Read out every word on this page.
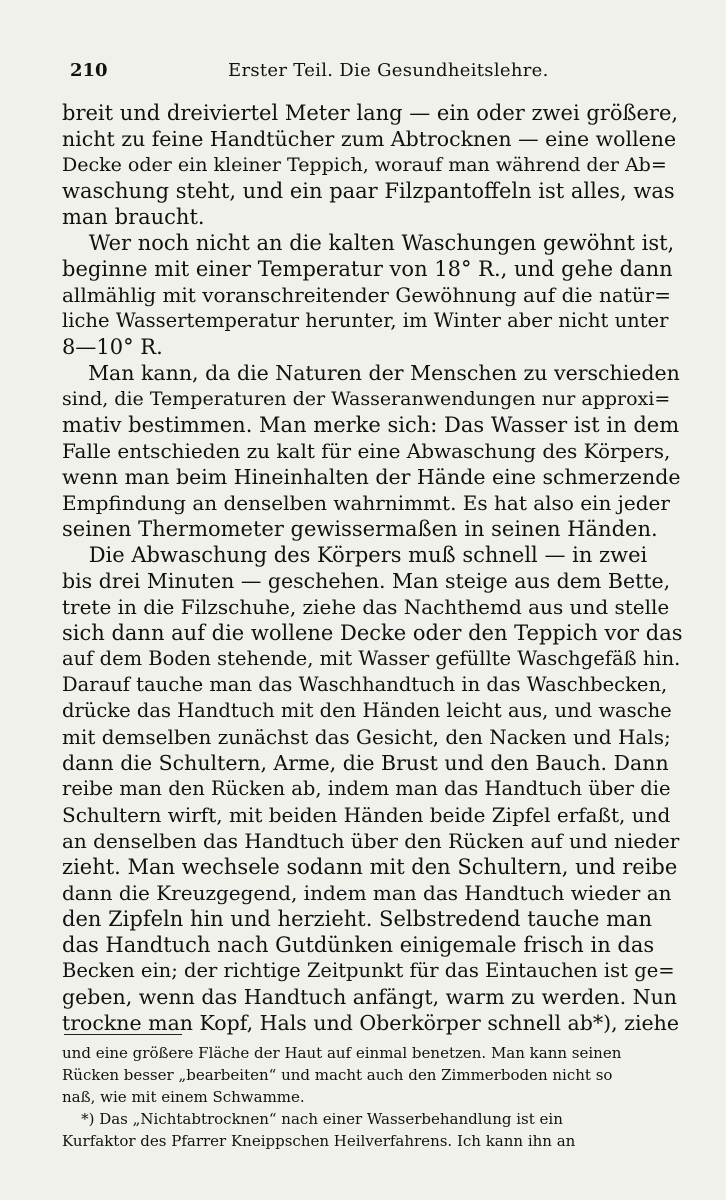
210	Erster Teil. Die Gesundheitslehre.
breit und dreiviertel Meter lang — ein oder zwei größere,
nicht zu feine Handtücher zum Abtrocknen — eine wollene
Decke oder ein kleiner Teppich, worauf man während der Ab=
waschung steht, und ein paar Filzpantoffeln ist alles, was
man braucht.
Wer noch nicht an die kalten Waschungen gewöhnt ist,
beginne mit einer Temperatur von 18° R., und gehe dann
allmählig mit voranschreitender Gewöhnung auf die natür=
liche Wassertemperatur herunter, im Winter aber nicht unter
8—10° R.
Man kann, da die Naturen der Menschen zu verschieden
sind, die Temperaturen der Wasseranwendungen nur approxi=
mativ bestimmen. Man merke sich: Das Wasser ist in dem
Falle entschieden zu kalt für eine Abwaschung des Körpers,
wenn man beim Hineinhalten der Hände eine schmerzende
Empfindung an denselben wahrnimmt. Es hat also ein jeder
seinen Thermometer gewissermaßen in seinen Händen.
Die Abwaschung des Körpers muß schnell — in zwei
bis drei Minuten — geschehen. Man steige aus dem Bette,
trete in die Filzschuhe, ziehe das Nachthemd aus und stelle
sich dann auf die wollene Decke oder den Teppich vor das
auf dem Boden stehende, mit Wasser gefüllte Waschgefäß hin.
Darauf tauche man das Waschhandtuch in das Waschbecken,
drücke das Handtuch mit den Händen leicht aus, und wasche
mit demselben zunächst das Gesicht, den Nacken und Hals;
dann die Schultern, Arme, die Brust und den Bauch. Dann
reibe man den Rücken ab, indem man das Handtuch über die
Schultern wirft, mit beiden Händen beide Zipfel erfaßt, und
an denselben das Handtuch über den Rücken auf und nieder
zieht. Man wechsele sodann mit den Schultern, und reibe
dann die Kreuzgegend, indem man das Handtuch wieder an
den Zipfeln hin und herzieht. Selbstredend tauche man
das Handtuch nach Gutdünken einigemale frisch in das
Becken ein; der richtige Zeitpunkt für das Eintauchen ist ge=
geben, wenn das Handtuch anfängt, warm zu werden. Nun
trockne man Kopf, Hals und Oberkörper schnell ab*), ziehe
und eine größere Fläche der Haut auf einmal benetzen. Man kann seinen
Rücken besser „bearbeiten“ und macht auch den Zimmerboden nicht so
naß, wie mit einem Schwamme.
*) Das „Nichtabtrocknen“ nach einer Wasserbehandlung ist ein
Kurfaktor des Pfarrer Kneippschen Heilverfahrens. Ich kann ihn an
